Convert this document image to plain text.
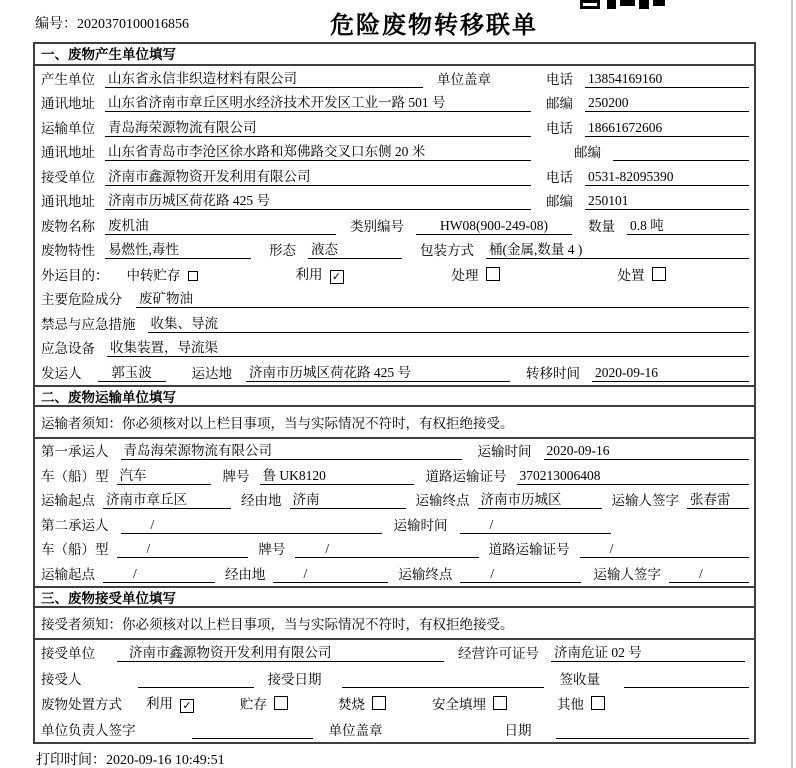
编号：2020370100016856	危险废物转移联单
一、废物产生单位填写
产生单位 山东省永信非织造材料有限公司	单位盖章	电话 13854169160
通讯地址 山东省济南市章丘区明水经济技术开发区工业一路 501 号	邮编 250200
运输单位 青岛海荣源物流有限公司	电话 18661672606
通讯地址 山东省青岛市李沧区徐水路和郑佛路交叉口东侧 20 米	邮编
接受单位 济南市鑫源物资开发利用有限公司	电话 0531-82095390
通讯地址 济南市历城区荷花路 425 号	邮编 250101
废物名称 废机油	类别编号	HW08(900-249-08)	数量 0.8 吨
废物特性 易燃性,毒性	形态 液态	包装方式 桶(金属,数量 4 )
外运目的： 中转贮存	利用 ✓	处理	处置
主要危险成分 废矿物油
禁忌与应急措施 收集、导流
应急设备 收集装置，导流渠
发运人	郭玉波	运达地 济南市历城区荷花路 425 号	转移时间 2020-09-16
二、废物运输单位填写
运输者须知：你必须核对以上栏目事项，当与实际情况不符时，有权拒绝接受。
第一承运人 青岛海荣源物流有限公司	运输时间 2020-09-16
车（船）型 汽车	牌号 鲁 UK8120	道路运输证号 370213006408
运输起点 济南市章丘区	经由地 济南	运输终点 济南市历城区	运输人签字 张春雷
第二承运人	/	运输时间	/
车（船）型	/	牌号	/	道路运输证号	/
运输起点	/	经由地	/	运输终点	/	运输人签字	/
三、废物接受单位填写
接受者须知：你必须核对以上栏目事项，当与实际情况不符时，有权拒绝接受。
接受单位	济南市鑫源物资开发利用有限公司	经营许可证号 济南危证 02 号
接受人	接受日期	签收量
废物处置方式 利用 ✓	贮存	焚烧	安全填埋	其他
单位负责人签字	单位盖章	日期
打印时间：2020-09-16 10:49:51
